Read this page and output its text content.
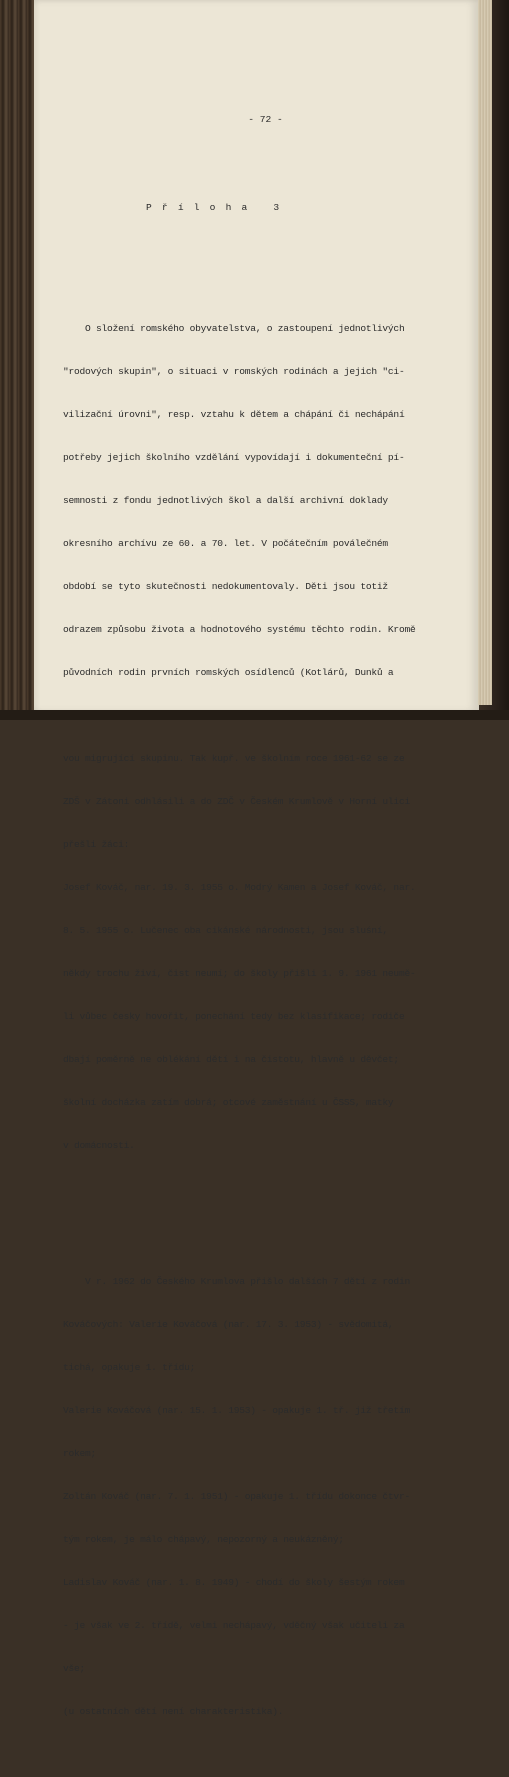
- 72 -

P ř í l o h a   3

O složení romského obyvatelstva, o zastoupení jednotlivých

"rodových skupin", o situaci v romských rodinách a jejich "ci-

vilizační úrovni", resp. vztahu k dětem a chápání či nechápání

potřeby jejich školního vzdělání vypovídají i dokumenteční pí-

semnosti z fondu jednotlivých škol a další archivní doklady

okresního archívu ze 60. a 70. let. V počátečním poválečném

období se tyto skutečnosti nedokumentovaly. Děti jsou totiž

odrazem způsobu života a hodnotového systému těchto rodin. Kromě

původních rodin prvních romských osídlenců (Kotlárů, Dunků a

vou migrující skupinu. Tak kupř. ve školním roce 1961-62 se ze

ZDŠ v Zátoni odhlásili a do ZDČ v Českém Krumlově v Horní ulici

přešli žáci:

Josef Kováč, nar. 19. 3. 1955 o. Modrý Kamen a Josef Kováč, nar.

8. 5. 1955 o. Lučenec oba cikánské národnosti, jsou sluśní,

někdy trochu živí, čist neumí; do školy přišli 1. 9. 1961 neumě-

li vůbec česky hovořit, ponechání tedy bez klasifikace; rodiče

dbají poměrně ne oblékání dětí i na čistotu, hlavně u děvčet;

školní docházka zatím dobrá; otcové zaměstnání u ČSSS, matky

v domácnosti.

V r. 1962 do Českého Krumlova přišlo dalších 7 dětí z rodin

Kováčových: Valerie Kováčová (nar. 17. 3. 1953) - svědomitá,

tichá, opakuje 1. třídu;

Valerie Kováčová (nar. 15. 1. 1953) - opakuje 1. tř. již třetím

rokem;

Zoltán Kováč (nar. 7. 1. 1951) - opakuje 1. třídu dokonce čtvr-

tým rokem, je málo chápavý, nepozorný a neukázněný;

Ladislav Kováč (nar. 1. 8. 1949) - chodí do školy šestým rokem

- je však ve 2. třídě, velmi nechápavý, vděčný však učiteli za

vše;

(u ostatních dětí není charakteristika).
